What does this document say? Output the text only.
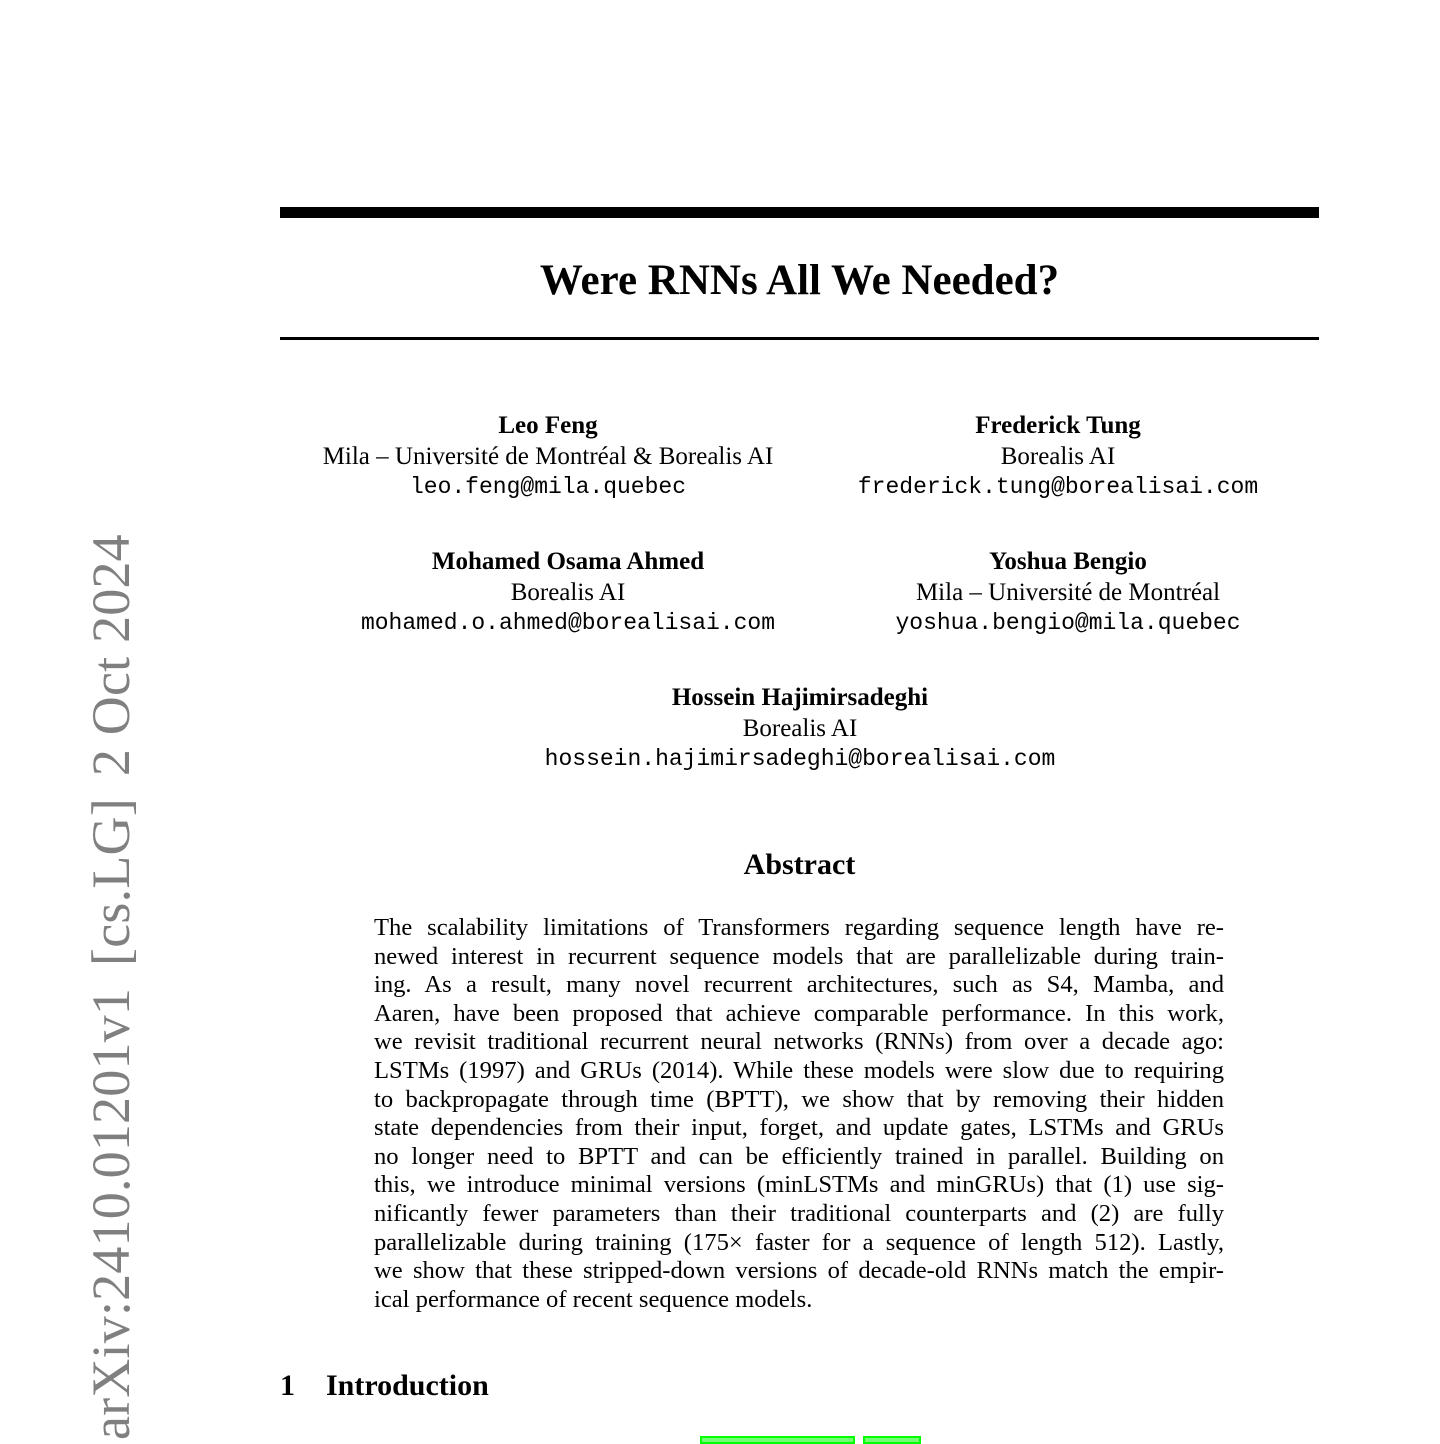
arXiv:2410.01201v1[cs.LG]2 Oct 2024
Were RNNs All We Needed?
Leo Feng
Mila – Université de Montréal & Borealis AI
leo.feng@mila.quebec
Frederick Tung
Borealis AI
frederick.tung@borealisai.com
Mohamed Osama Ahmed
Borealis AI
mohamed.o.ahmed@borealisai.com
Yoshua Bengio
Mila – Université de Montréal
yoshua.bengio@mila.quebec
Hossein Hajimirsadeghi
Borealis AI
hossein.hajimirsadeghi@borealisai.com
Abstract
The scalability limitations of Transformers regarding sequence length have re-
newed interest in recurrent sequence models that are parallelizable during train-
ing. As a result, many novel recurrent architectures, such as S4, Mamba, and
Aaren, have been proposed that achieve comparable performance. In this work,
we revisit traditional recurrent neural networks (RNNs) from over a decade ago:
LSTMs (1997) and GRUs (2014). While these models were slow due to requiring
to backpropagate through time (BPTT), we show that by removing their hidden
state dependencies from their input, forget, and update gates, LSTMs and GRUs
no longer need to BPTT and can be efficiently trained in parallel. Building on
this, we introduce minimal versions (minLSTMs and minGRUs) that (1) use sig-
nificantly fewer parameters than their traditional counterparts and (2) are fully
parallelizable during training (175× faster for a sequence of length 512). Lastly,
we show that these stripped-down versions of decade-old RNNs match the empir-
ical performance of recent sequence models.
1 Introduction
